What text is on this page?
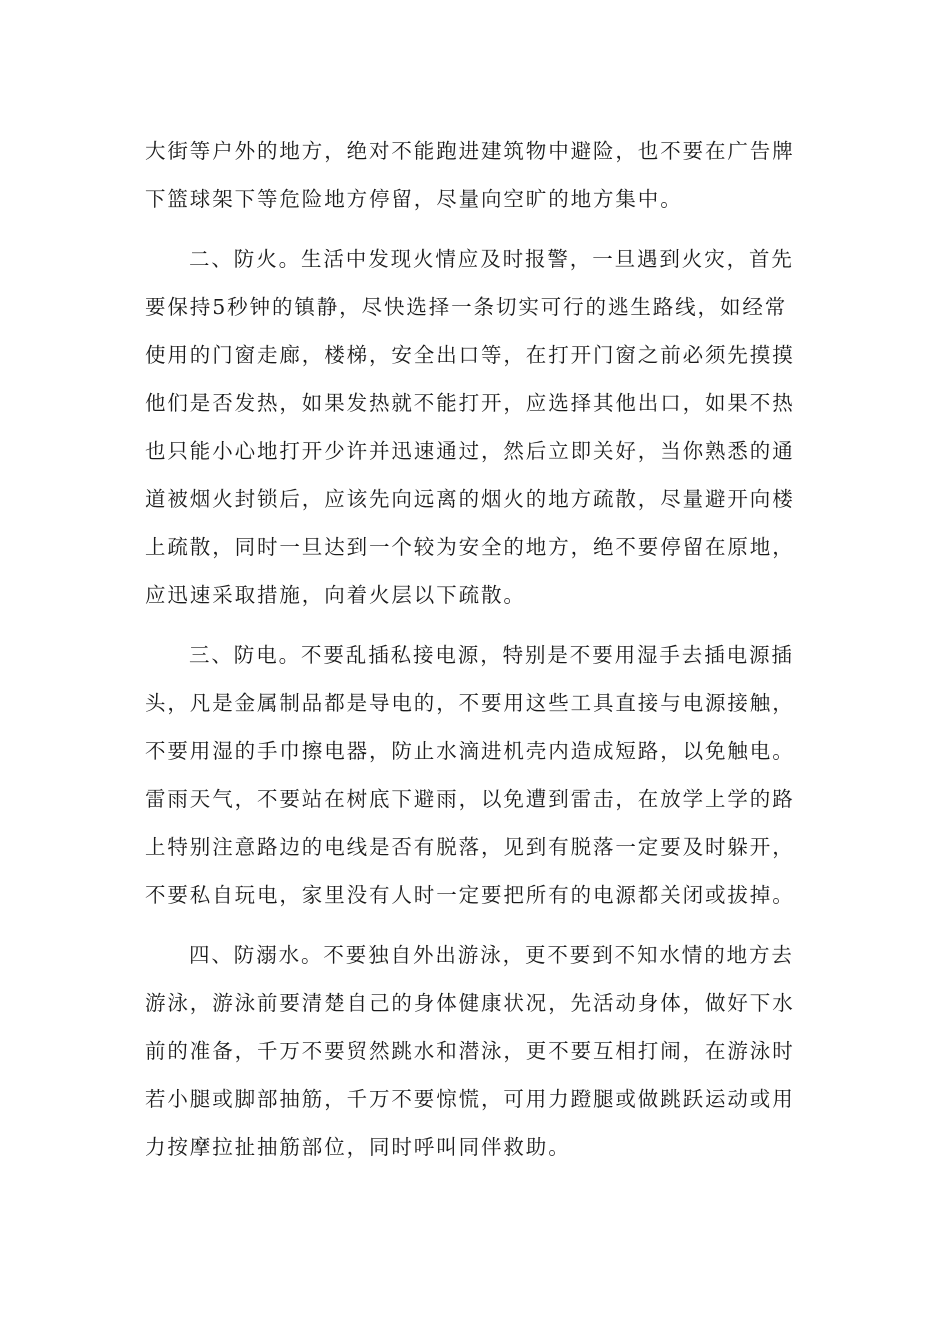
大街等户外的地方，绝对不能跑进建筑物中避险，也不要在广告牌
下篮球架下等危险地方停留，尽量向空旷的地方集中。
二、防火。生活中发现火情应及时报警，一旦遇到火灾，首先
要保持5秒钟的镇静，尽快选择一条切实可行的逃生路线，如经常
使用的门窗走廊，楼梯，安全出口等，在打开门窗之前必须先摸摸
他们是否发热，如果发热就不能打开，应选择其他出口，如果不热
也只能小心地打开少许并迅速通过，然后立即关好，当你熟悉的通
道被烟火封锁后，应该先向远离的烟火的地方疏散，尽量避开向楼
上疏散，同时一旦达到一个较为安全的地方，绝不要停留在原地，
应迅速采取措施，向着火层以下疏散。
三、防电。不要乱插私接电源，特别是不要用湿手去插电源插
头，凡是金属制品都是导电的，不要用这些工具直接与电源接触，
不要用湿的手巾擦电器，防止水滴进机壳内造成短路，以免触电。
雷雨天气，不要站在树底下避雨，以免遭到雷击，在放学上学的路
上特别注意路边的电线是否有脱落，见到有脱落一定要及时躲开，
不要私自玩电，家里没有人时一定要把所有的电源都关闭或拔掉。
四、防溺水。不要独自外出游泳，更不要到不知水情的地方去
游泳，游泳前要清楚自己的身体健康状况，先活动身体，做好下水
前的准备，千万不要贸然跳水和潜泳，更不要互相打闹，在游泳时
若小腿或脚部抽筋，千万不要惊慌，可用力蹬腿或做跳跃运动或用
力按摩拉扯抽筋部位，同时呼叫同伴救助。
